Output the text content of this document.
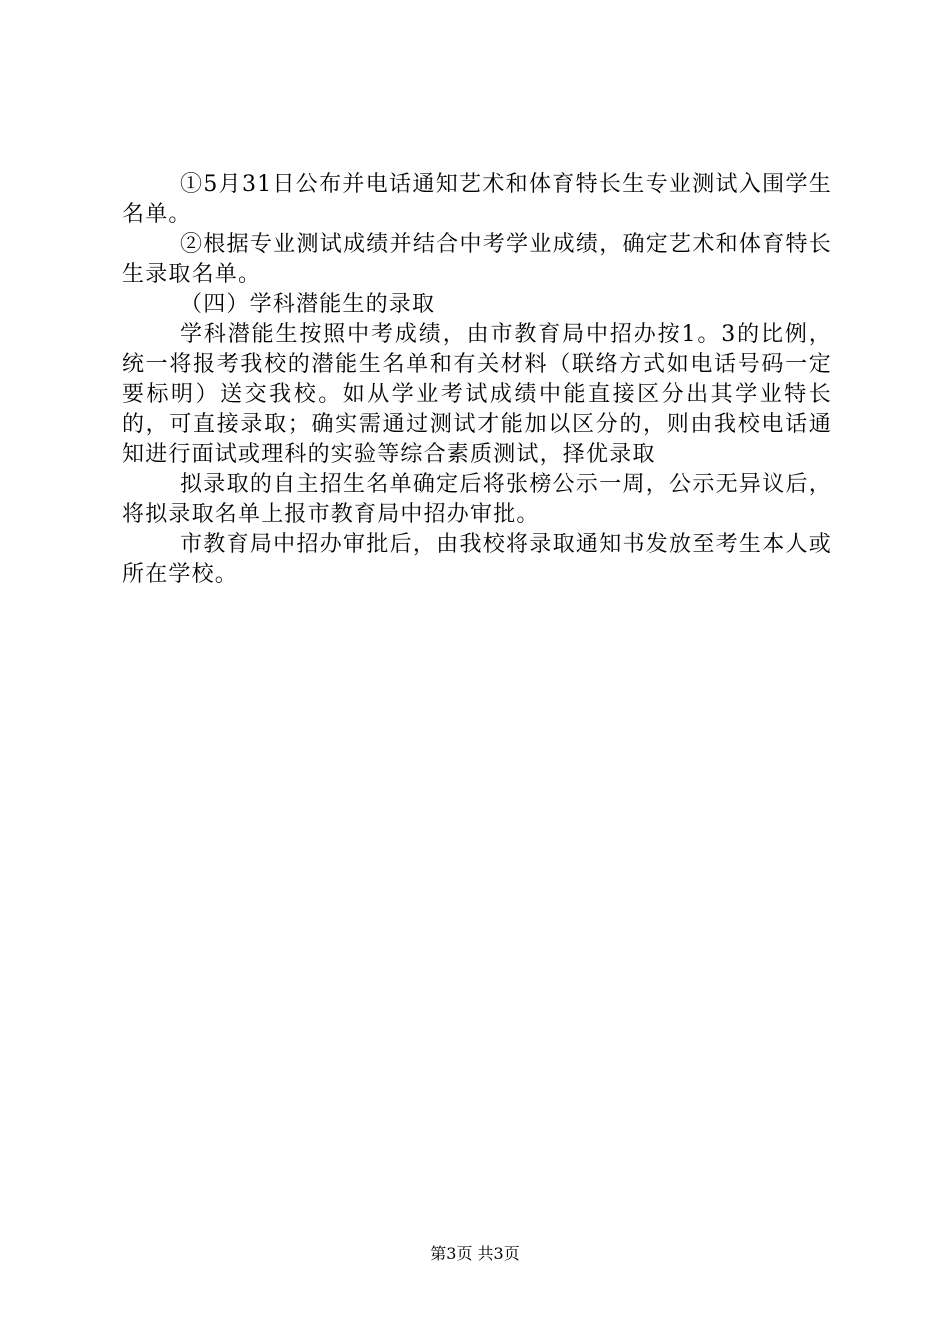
①5月31日公布并电话通知艺术和体育特长生专业测试入围学生名单。

②根据专业测试成绩并结合中考学业成绩，确定艺术和体育特长生录取名单。

（四）学科潜能生的录取

学科潜能生按照中考成绩，由市教育局中招办按1。3的比例，统一将报考我校的潜能生名单和有关材料（联络方式如电话号码一定要标明）送交我校。如从学业考试成绩中能直接区分出其学业特长的，可直接录取；确实需通过测试才能加以区分的，则由我校电话通知进行面试或理科的实验等综合素质测试，择优录取

拟录取的自主招生名单确定后将张榜公示一周，公示无异议后，将拟录取名单上报市教育局中招办审批。

市教育局中招办审批后，由我校将录取通知书发放至考生本人或所在学校。

第3页 共3页
